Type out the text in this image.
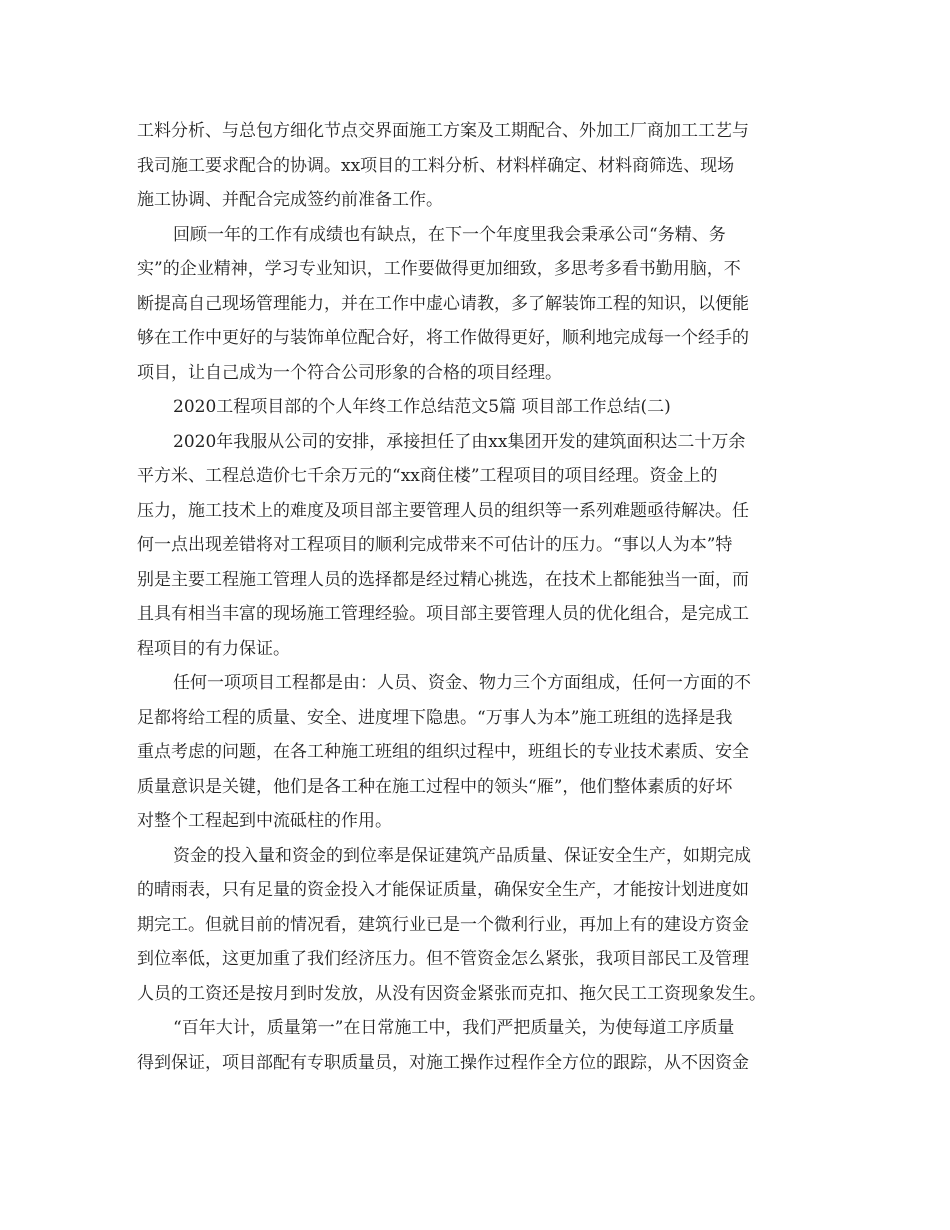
工料分析、与总包方细化节点交界面施工方案及工期配合、外加工厂商加工工艺与
我司施工要求配合的协调。xx项目的工料分析、材料样确定、材料商筛选、现场
施工协调、并配合完成签约前准备工作。
回顾一年的工作有成绩也有缺点，在下一个年度里我会秉承公司“务精、务
实”的企业精神，学习专业知识，工作要做得更加细致，多思考多看书勤用脑，不
断提高自己现场管理能力，并在工作中虚心请教，多了解装饰工程的知识，以便能
够在工作中更好的与装饰单位配合好，将工作做得更好，顺利地完成每一个经手的
项目，让自己成为一个符合公司形象的合格的项目经理。
2020工程项目部的个人年终工作总结范文5篇 项目部工作总结(二)
2020年我服从公司的安排，承接担任了由xx集团开发的建筑面积达二十万余
平方米、工程总造价七千余万元的“xx商住楼”工程项目的项目经理。资金上的
压力，施工技术上的难度及项目部主要管理人员的组织等一系列难题亟待解决。任
何一点出现差错将对工程项目的顺利完成带来不可估计的压力。“事以人为本”特
别是主要工程施工管理人员的选择都是经过精心挑选，在技术上都能独当一面，而
且具有相当丰富的现场施工管理经验。项目部主要管理人员的优化组合，是完成工
程项目的有力保证。
任何一项项目工程都是由：人员、资金、物力三个方面组成，任何一方面的不
足都将给工程的质量、安全、进度埋下隐患。“万事人为本”施工班组的选择是我
重点考虑的问题，在各工种施工班组的组织过程中，班组长的专业技术素质、安全
质量意识是关键，他们是各工种在施工过程中的领头“雁”，他们整体素质的好坏
对整个工程起到中流砥柱的作用。
资金的投入量和资金的到位率是保证建筑产品质量、保证安全生产，如期完成
的晴雨表，只有足量的资金投入才能保证质量，确保安全生产，才能按计划进度如
期完工。但就目前的情况看，建筑行业已是一个微利行业，再加上有的建设方资金
到位率低，这更加重了我们经济压力。但不管资金怎么紧张，我项目部民工及管理
人员的工资还是按月到时发放，从没有因资金紧张而克扣、拖欠民工工资现象发生。
“百年大计，质量第一”在日常施工中，我们严把质量关，为使每道工序质量
得到保证，项目部配有专职质量员，对施工操作过程作全方位的跟踪，从不因资金
